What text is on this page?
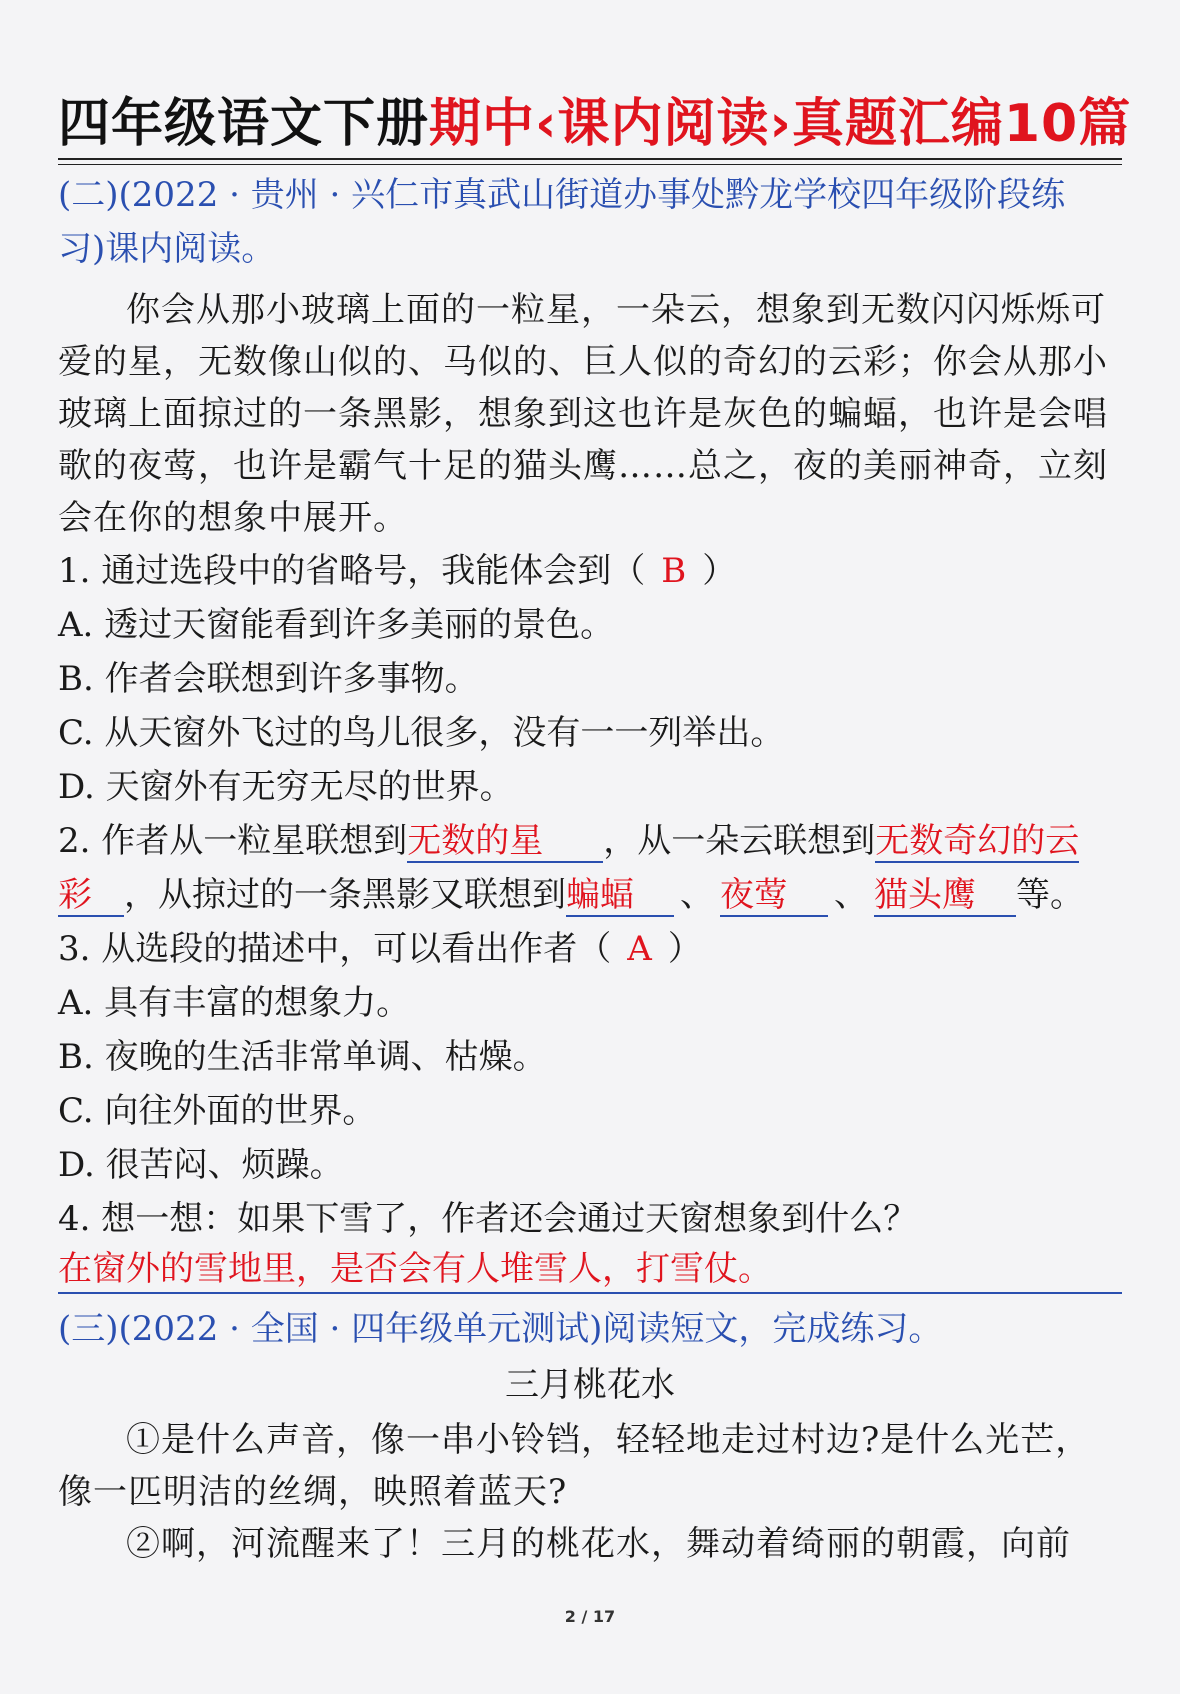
四年级语文下册期中‹课内阅读›真题汇编10篇
(二)(2022 · 贵州 · 兴仁市真武山街道办事处黔龙学校四年级阶段练
习)课内阅读。
你会从那小玻璃上面的一粒星，一朵云，想象到无数闪闪烁烁可爱的星，无数像山似的、马似的、巨人似的奇幻的云彩；你会从那小玻璃上面掠过的一条黑影，想象到这也许是灰色的蝙蝠，也许是会唱歌的夜莺，也许是霸气十足的猫头鹰……总之，夜的美丽神奇，立刻会在你的想象中展开。
1. 通过选段中的省略号，我能体会到（ B ）
A. 透过天窗能看到许多美丽的景色。
B. 作者会联想到许多事物。
C. 从天窗外飞过的鸟儿很多，没有一一列举出。
D. 天窗外有无穷无尽的世界。
2. 作者从一粒星联想到无数的星 ，从一朵云联想到无数奇幻的云
彩 ，从掠过的一条黑影又联想到蝙蝠 、 夜莺 、 猫头鹰 等。
3. 从选段的描述中，可以看出作者（ A ）
A. 具有丰富的想象力。
B. 夜晚的生活非常单调、枯燥。
C. 向往外面的世界。
D. 很苦闷、烦躁。
4. 想一想：如果下雪了，作者还会通过天窗想象到什么？
在窗外的雪地里，是否会有人堆雪人，打雪仗。
(三)(2022 · 全国 · 四年级单元测试)阅读短文，完成练习。
三月桃花水
①是什么声音，像一串小铃铛，轻轻地走过村边?是什么光芒，像一匹明洁的丝绸，映照着蓝天?
②啊，河流醒来了！三月的桃花水，舞动着绮丽的朝霞，向前
2 / 17
